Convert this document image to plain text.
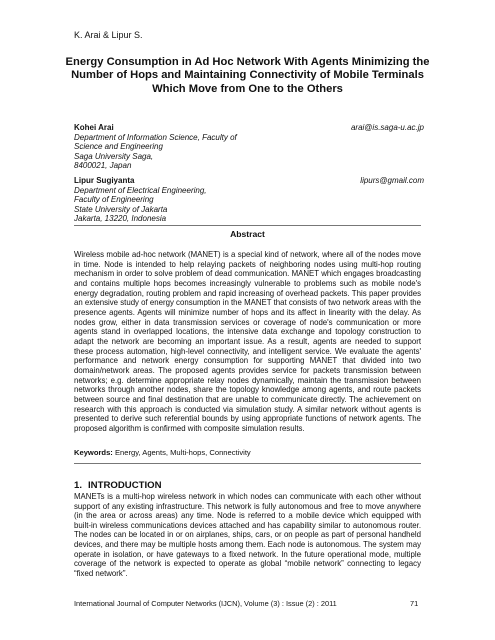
K. Arai & Lipur S.
Energy Consumption in Ad Hoc Network With Agents Minimizing the Number of Hops and Maintaining Connectivity of Mobile Terminals Which Move from One to the Others
Kohei Arai	arai@is.saga-u.ac.jp
Department of Information Science, Faculty of
Science and Engineering
Saga University Saga,
8400021, Japan
Lipur Sugiyanta	lipurs@gmail.com
Department of Electrical Engineering,
Faculty of Engineering
State University of Jakarta
Jakarta, 13220, Indonesia
Abstract

Wireless mobile ad-hoc network (MANET) is a special kind of network, where all of the nodes move in time. Node is intended to help relaying packets of neighboring nodes using multi-hop routing mechanism in order to solve problem of dead communication. MANET which engages broadcasting and contains multiple hops becomes increasingly vulnerable to problems such as mobile node's energy degradation, routing problem and rapid increasing of overhead packets. This paper provides an extensive study of energy consumption in the MANET that consists of two network areas with the presence agents. Agents will minimize number of hops and its affect in linearity with the delay. As nodes grow, either in data transmission services or coverage of node's communication or more agents stand in overlapped locations, the intensive data exchange and topology construction to adapt the network are becoming an important issue. As a result, agents are needed to support these process automation, high-level connectivity, and intelligent service. We evaluate the agents' performance and network energy consumption for supporting MANET that divided into two domain/network areas. The proposed agents provides service for packets transmission between networks; e.g. determine appropriate relay nodes dynamically, maintain the transmission between networks through another nodes, share the topology knowledge among agents, and route packets between source and final destination that are unable to communicate directly. The achievement on research with this approach is conducted via simulation study. A similar network without agents is presented to derive such referential bounds by using appropriate functions of network agents. The proposed algorithm is confirmed with composite simulation results.

Keywords: Energy, Agents, Multi-hops, Connectivity
1. INTRODUCTION

MANETs is a multi-hop wireless network in which nodes can communicate with each other without support of any existing infrastructure. This network is fully autonomous and free to move anywhere (in the area or across areas) any time. Node is referred to a mobile device which equipped with built-in wireless communications devices attached and has capability similar to autonomous router. The nodes can be located in or on airplanes, ships, cars, or on people as part of personal handheld devices, and there may be multiple hosts among them. Each node is autonomous. The system may operate in isolation, or have gateways to a fixed network. In the future operational mode, multiple coverage of the network is expected to operate as global “mobile network” connecting to legacy “fixed network”.

International Journal of Computer Networks (IJCN), Volume (3) : Issue (2) : 2011	71
